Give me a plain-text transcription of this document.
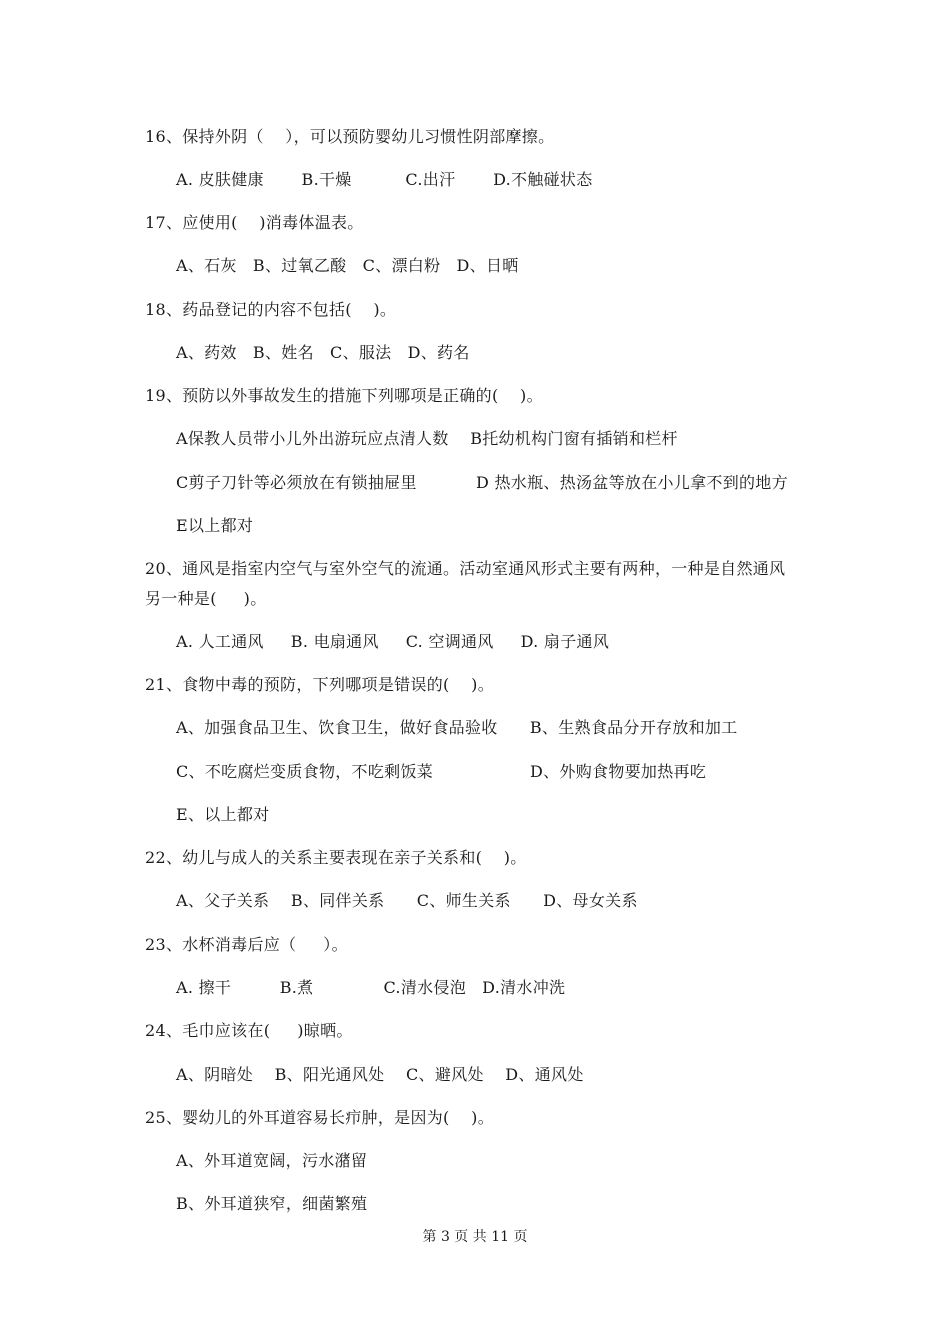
16、保持外阴（    ），可以预防婴幼儿习惯性阴部摩擦。
A. 皮肤健康       B.干燥          C.出汗       D.不触碰状态
17、应使用(    )消毒体温表。
A、石灰   B、过氧乙酸   C、漂白粉   D、日晒
18、药品登记的内容不包括(    )。
A、药效   B、姓名   C、服法   D、药名
19、预防以外事故发生的措施下列哪项是正确的(    )。
A保教人员带小儿外出游玩应点清人数    B托幼机构门窗有插销和栏杆
C剪子刀针等必须放在有锁抽屉里           D 热水瓶、热汤盆等放在小儿拿不到的地方
E以上都对
20、通风是指室内空气与室外空气的流通。活动室通风形式主要有两种，一种是自然通风
另一种是(     )。
A. 人工通风     B. 电扇通风     C. 空调通风     D. 扇子通风
21、食物中毒的预防，下列哪项是错误的(    )。
A、加强食品卫生、饮食卫生，做好食品验收      B、生熟食品分开存放和加工
C、不吃腐烂变质食物，不吃剩饭菜                  D、外购食物要加热再吃
E、以上都对
22、幼儿与成人的关系主要表现在亲子关系和(    )。
A、父子关系    B、同伴关系      C、师生关系      D、母女关系
23、水杯消毒后应（     ）。
A. 擦干         B.煮             C.清水侵泡   D.清水冲洗
24、毛巾应该在(     )晾晒。
A、阴暗处    B、阳光通风处    C、避风处    D、通风处
25、婴幼儿的外耳道容易长疖肿，是因为(    )。
A、外耳道宽阔，污水潴留
B、外耳道狭窄，细菌繁殖
第 3 页 共 11 页
